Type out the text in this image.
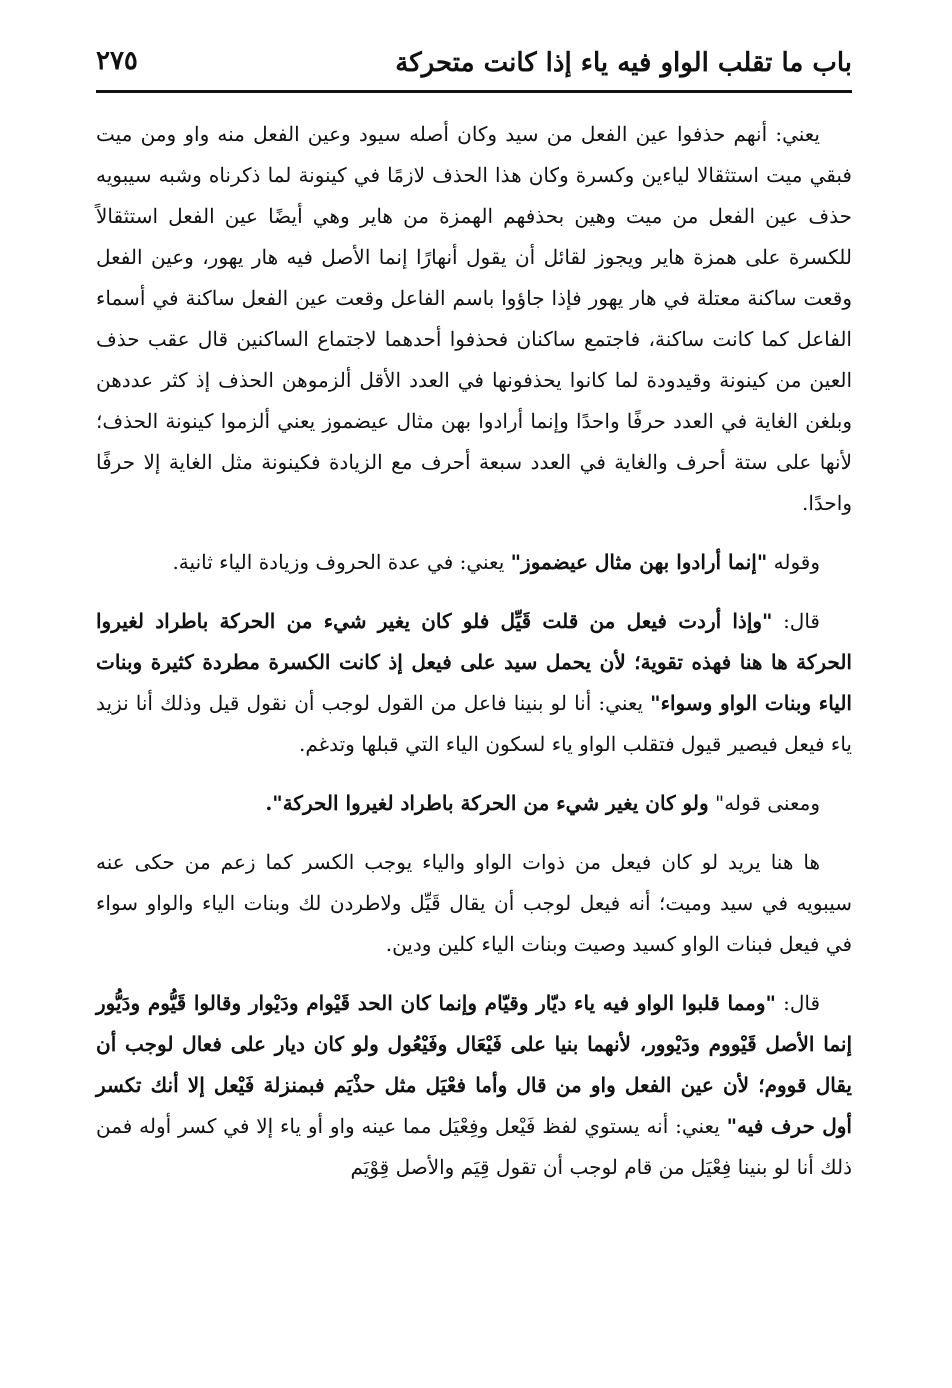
باب ما تقلب الواو فيه ياء إذا كانت متحركة
٢٧٥

يعني: أنهم حذفوا عين الفعل من سيد وكان أصله سيود وعين الفعل منه واو ومن ميت فبقي ميت استثقالا لياءين وكسرة وكان هذا الحذف لازمًا في كينونة لما ذكرناه وشبه سيبويه حذف عين الفعل من ميت وهين بحذفهم الهمزة من هاير وهي أيضًا عين الفعل استثقالاً للكسرة على همزة هاير ويجوز لقائل أن يقول أنهارًا إنما الأصل فيه هار يهور، وعين الفعل وقعت ساكنة معتلة في هار يهور فإذا جاؤوا باسم الفاعل وقعت عين الفعل ساكنة في أسماء الفاعل كما كانت ساكنة، فاجتمع ساكنان فحذفوا أحدهما لاجتماع الساكنين قال عقب حذف العين من كينونة وقيدودة لما كانوا يحذفونها في العدد الأقل ألزموهن الحذف إذ كثر عددهن وبلغن الغاية في العدد حرفًا واحدًا وإنما أرادوا بهن مثال عيضموز يعني ألزموا كينونة الحذف؛ لأنها على ستة أحرف والغاية في العدد سبعة أحرف مع الزيادة فكينونة مثل الغاية إلا حرفًا واحدًا.

وقوله "إنما أرادوا بهن مثال عيضموز" يعني: في عدة الحروف وزيادة الياء ثانية.

قال: "وإذا أردت فيعل من قلت قَيِّل فلو كان يغير شيء من الحركة باطراد لغيروا الحركة ها هنا فهذه تقوية؛ لأن يحمل سيد على فيعل إذ كانت الكسرة مطردة كثيرة وبنات الياء وبنات الواو وسواء" يعني: أنا لو بنينا فاعل من القول لوجب أن نقول قيل وذلك أنا نزيد ياء فيعل فيصير قيول فتقلب الواو ياء لسكون الياء التي قبلها وتدغم.

ومعنى قوله" ولو كان يغير شيء من الحركة باطراد لغيروا الحركة".

ها هنا يريد لو كان فيعل من ذوات الواو والياء يوجب الكسر كما زعم من حكى عنه سيبويه في سيد وميت؛ أنه فيعل لوجب أن يقال قَيِّل ولاطردن لك وبنات الياء والواو سواء في فيعل فبنات الواو كسيد وصيت وبنات الياء كلين ودين.

قال: "ومما قلبوا الواو فيه ياء ديّار وقيّام وإنما كان الحد قَيْوام ودَيْوار وقالوا قَيُّوم ودَيُّور إنما الأصل قَيْووم ودَيْوور، لأنهما بنيا على فَيْعَال وفَيْعُول ولو كان ديار على فعال لوجب أن يقال قووم؛ لأن عين الفعل واو من قال وأما فعْيَل مثل حذْيَم فبمنزلة فَيْعل إلا أنك تكسر أول حرف فيه" يعني: أنه يستوي لفظ فَيْعل وفِعْيَل مما عينه واو أو ياء إلا في كسر أوله فمن ذلك أنا لو بنينا فِعْيَل من قام لوجب أن تقول قِيَم والأصل قِوْيَم
